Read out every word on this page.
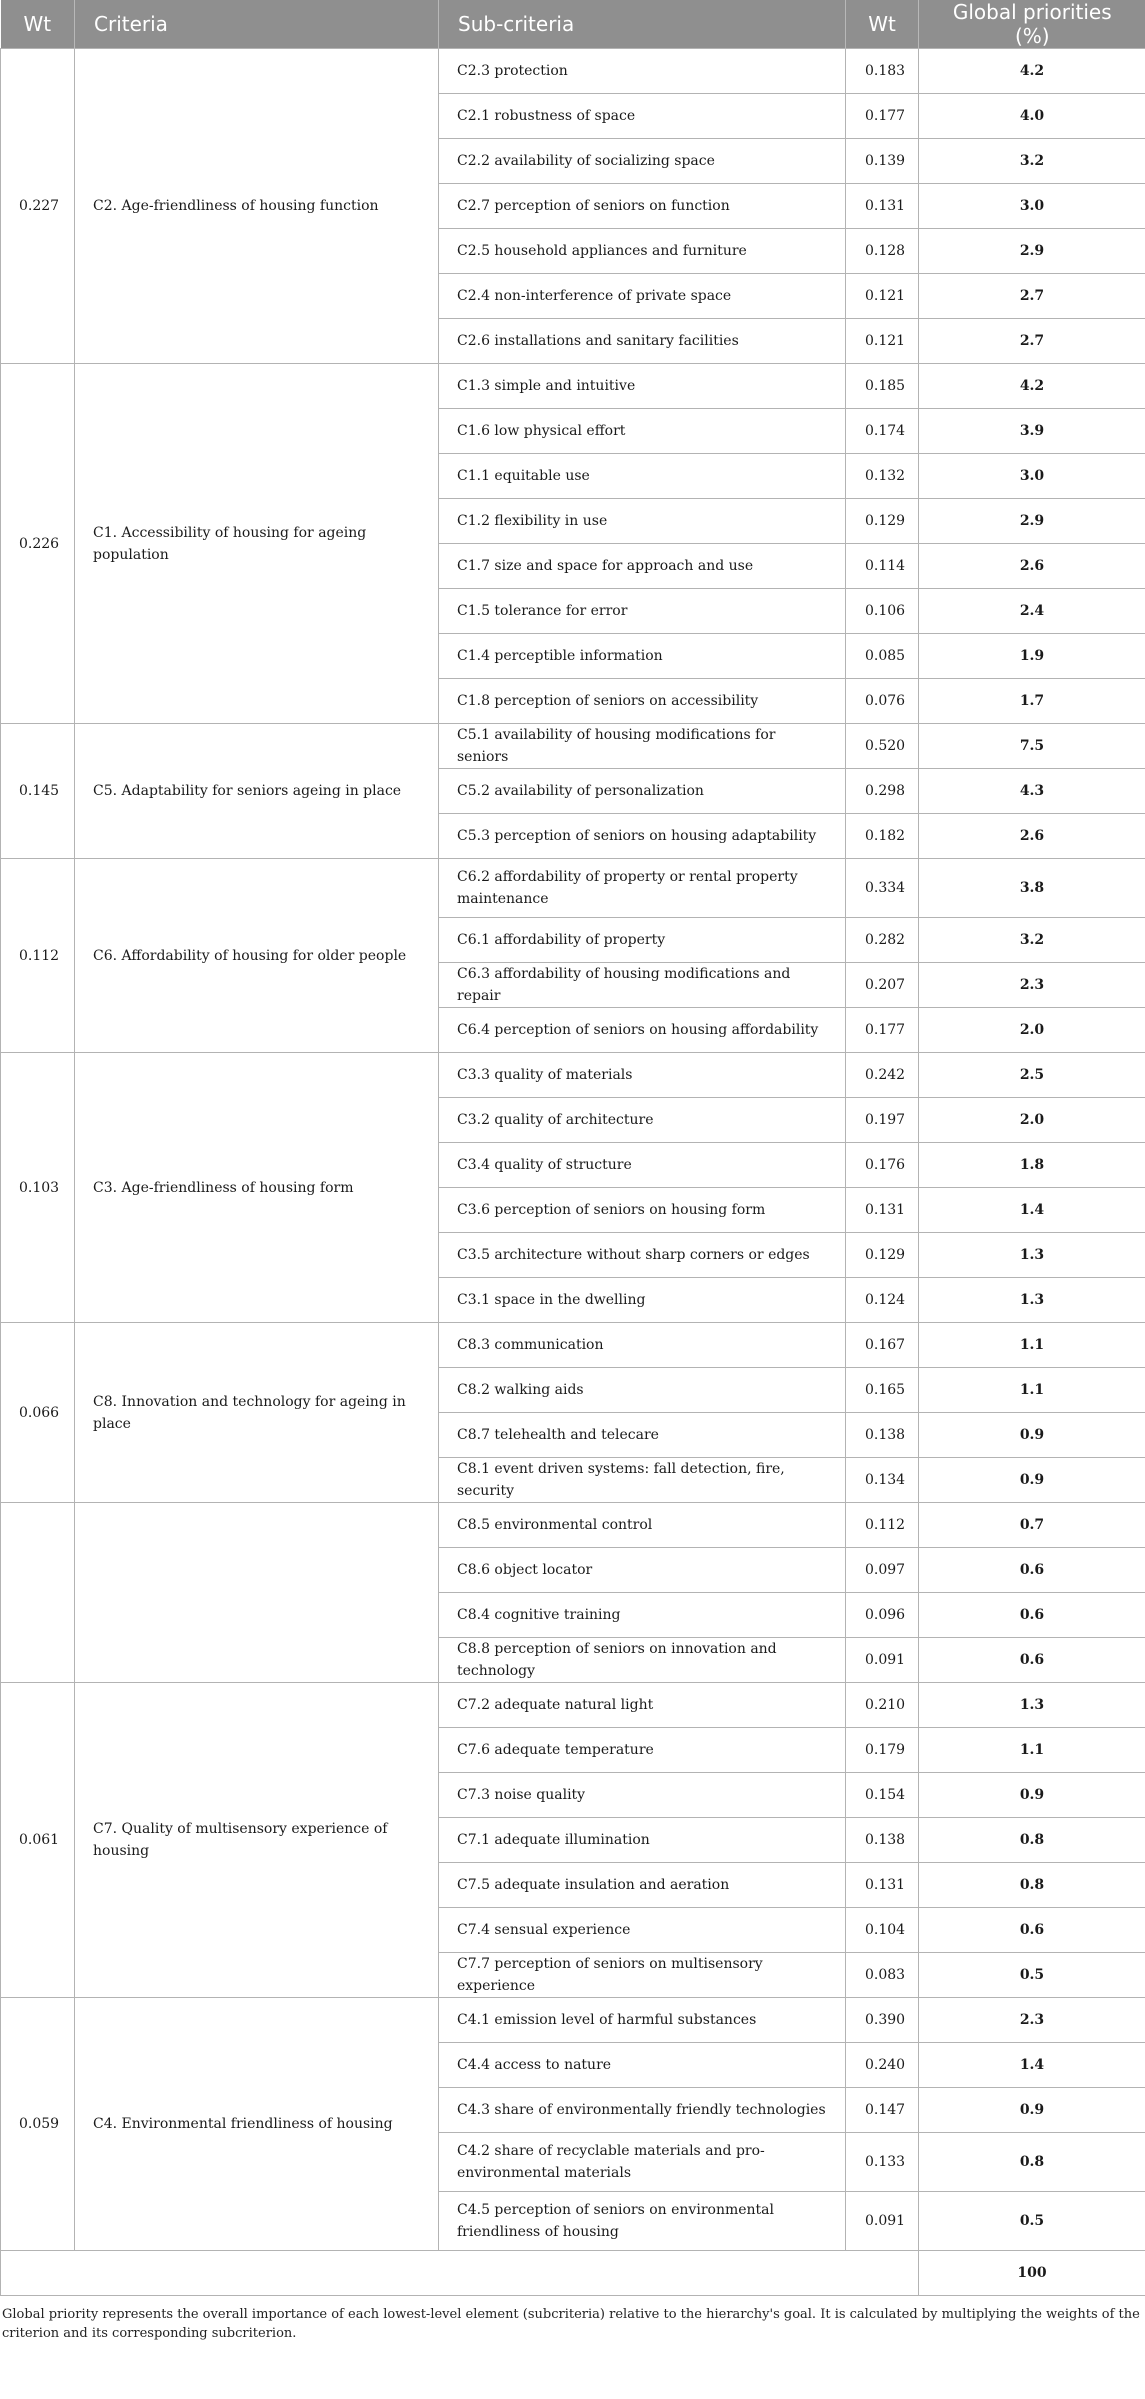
Wt	Criteria	Sub-criteria	Wt	Global priorities (%)
0.227	C2. Age-friendliness of housing function	C2.3 protection	0.183	4.2
		C2.1 robustness of space	0.177	4.0
		C2.2 availability of socializing space	0.139	3.2
		C2.7 perception of seniors on function	0.131	3.0
		C2.5 household appliances and furniture	0.128	2.9
		C2.4 non-interference of private space	0.121	2.7
		C2.6 installations and sanitary facilities	0.121	2.7
0.226	C1. Accessibility of housing for ageing population	C1.3 simple and intuitive	0.185	4.2
		C1.6 low physical effort	0.174	3.9
		C1.1 equitable use	0.132	3.0
		C1.2 flexibility in use	0.129	2.9
		C1.7 size and space for approach and use	0.114	2.6
		C1.5 tolerance for error	0.106	2.4
		C1.4 perceptible information	0.085	1.9
		C1.8 perception of seniors on accessibility	0.076	1.7
0.145	C5. Adaptability for seniors ageing in place	C5.1 availability of housing modifications for seniors	0.520	7.5
		C5.2 availability of personalization	0.298	4.3
		C5.3 perception of seniors on housing adaptability	0.182	2.6
0.112	C6. Affordability of housing for older people	C6.2 affordability of property or rental property maintenance	0.334	3.8
		C6.1 affordability of property	0.282	3.2
		C6.3 affordability of housing modifications and repair	0.207	2.3
		C6.4 perception of seniors on housing affordability	0.177	2.0
0.103	C3. Age-friendliness of housing form	C3.3 quality of materials	0.242	2.5
		C3.2 quality of architecture	0.197	2.0
		C3.4 quality of structure	0.176	1.8
		C3.6 perception of seniors on housing form	0.131	1.4
		C3.5 architecture without sharp corners or edges	0.129	1.3
		C3.1 space in the dwelling	0.124	1.3
0.066	C8. Innovation and technology for ageing in place	C8.3 communication	0.167	1.1
		C8.2 walking aids	0.165	1.1
		C8.7 telehealth and telecare	0.138	0.9
		C8.1 event driven systems: fall detection, fire, security	0.134	0.9
		C8.5 environmental control	0.112	0.7
		C8.6 object locator	0.097	0.6
		C8.4 cognitive training	0.096	0.6
		C8.8 perception of seniors on innovation and technology	0.091	0.6
0.061	C7. Quality of multisensory experience of housing	C7.2 adequate natural light	0.210	1.3
		C7.6 adequate temperature	0.179	1.1
		C7.3 noise quality	0.154	0.9
		C7.1 adequate illumination	0.138	0.8
		C7.5 adequate insulation and aeration	0.131	0.8
		C7.4 sensual experience	0.104	0.6
		C7.7 perception of seniors on multisensory experience	0.083	0.5
0.059	C4. Environmental friendliness of housing	C4.1 emission level of harmful substances	0.390	2.3
		C4.4 access to nature	0.240	1.4
		C4.3 share of environmentally friendly technologies	0.147	0.9
		C4.2 share of recyclable materials and pro-environmental materials	0.133	0.8
		C4.5 perception of seniors on environmental friendliness of housing	0.091	0.5
				100
Global priority represents the overall importance of each lowest-level element (subcriteria) relative to the hierarchy's goal. It is calculated by multiplying the weights of the criterion and its corresponding subcriterion.
